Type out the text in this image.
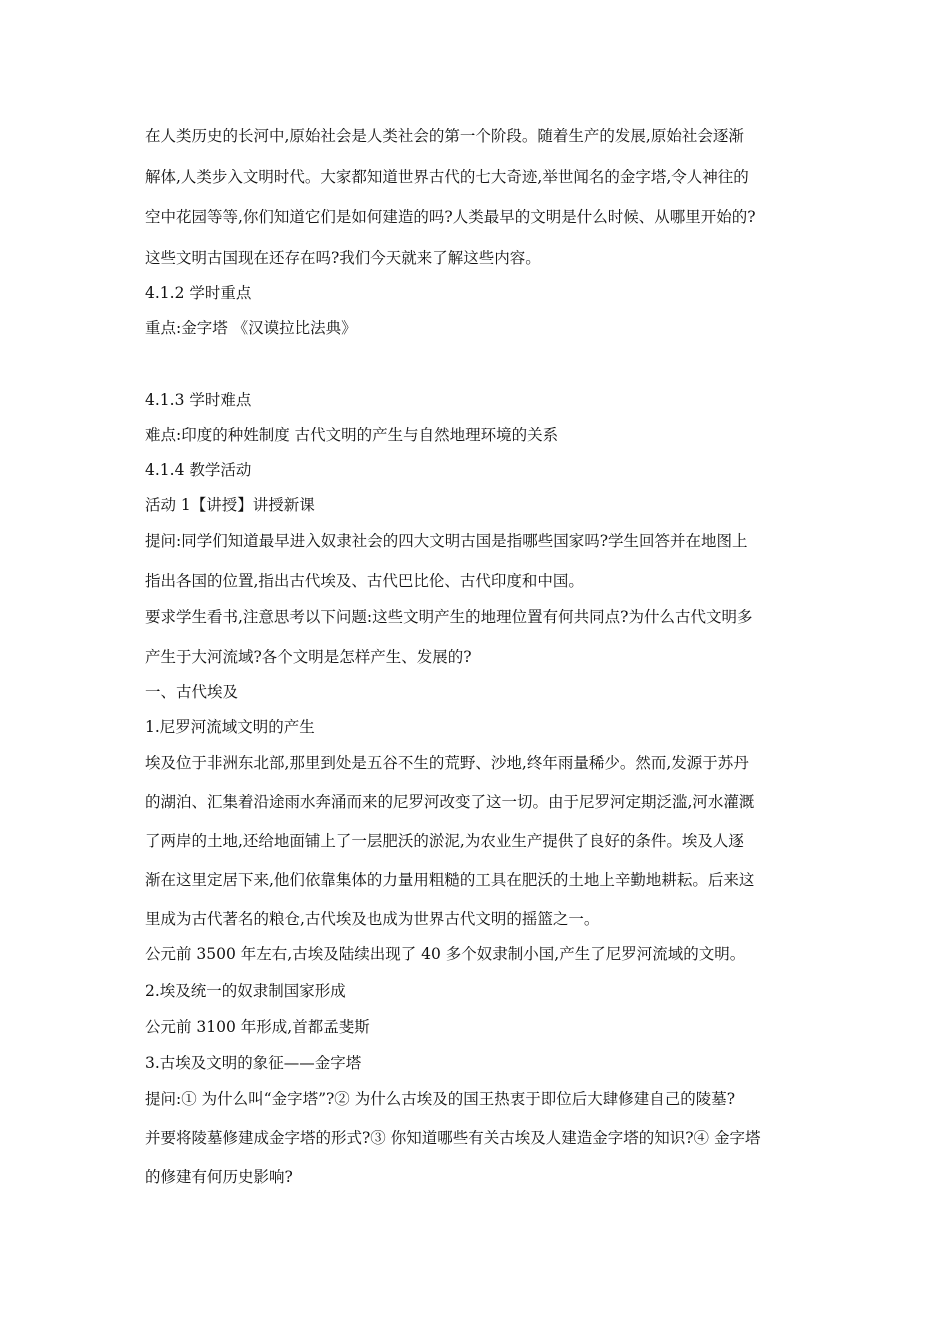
在人类历史的长河中,原始社会是人类社会的第一个阶段。随着生产的发展,原始社会逐渐

解体,人类步入文明时代。大家都知道世界古代的七大奇迹,举世闻名的金字塔,令人神往的

空中花园等等,你们知道它们是如何建造的吗?人类最早的文明是什么时候、从哪里开始的?

这些文明古国现在还存在吗?我们今天就来了解这些内容。

4.1.2 学时重点

重点:金字塔 《汉谟拉比法典》

4.1.3 学时难点

难点:印度的种姓制度 古代文明的产生与自然地理环境的关系

4.1.4 教学活动

活动 1【讲授】讲授新课

提问:同学们知道最早进入奴隶社会的四大文明古国是指哪些国家吗?学生回答并在地图上

指出各国的位置,指出古代埃及、古代巴比伦、古代印度和中国。

要求学生看书,注意思考以下问题:这些文明产生的地理位置有何共同点?为什么古代文明多

产生于大河流域?各个文明是怎样产生、发展的?

一、古代埃及

1.尼罗河流域文明的产生

埃及位于非洲东北部,那里到处是五谷不生的荒野、沙地,终年雨量稀少。然而,发源于苏丹

的湖泊、汇集着沿途雨水奔涌而来的尼罗河改变了这一切。由于尼罗河定期泛滥,河水灌溉

了两岸的土地,还给地面铺上了一层肥沃的淤泥,为农业生产提供了良好的条件。埃及人逐

渐在这里定居下来,他们依靠集体的力量用粗糙的工具在肥沃的土地上辛勤地耕耘。后来这

里成为古代著名的粮仓,古代埃及也成为世界古代文明的摇篮之一。

公元前 3500 年左右,古埃及陆续出现了 40 多个奴隶制小国,产生了尼罗河流域的文明。

2.埃及统一的奴隶制国家形成

公元前 3100 年形成,首都孟斐斯

3.古埃及文明的象征——金字塔

提问:① 为什么叫“金字塔”?② 为什么古埃及的国王热衷于即位后大肆修建自己的陵墓?

并要将陵墓修建成金字塔的形式?③ 你知道哪些有关古埃及人建造金字塔的知识?④ 金字塔

的修建有何历史影响?
